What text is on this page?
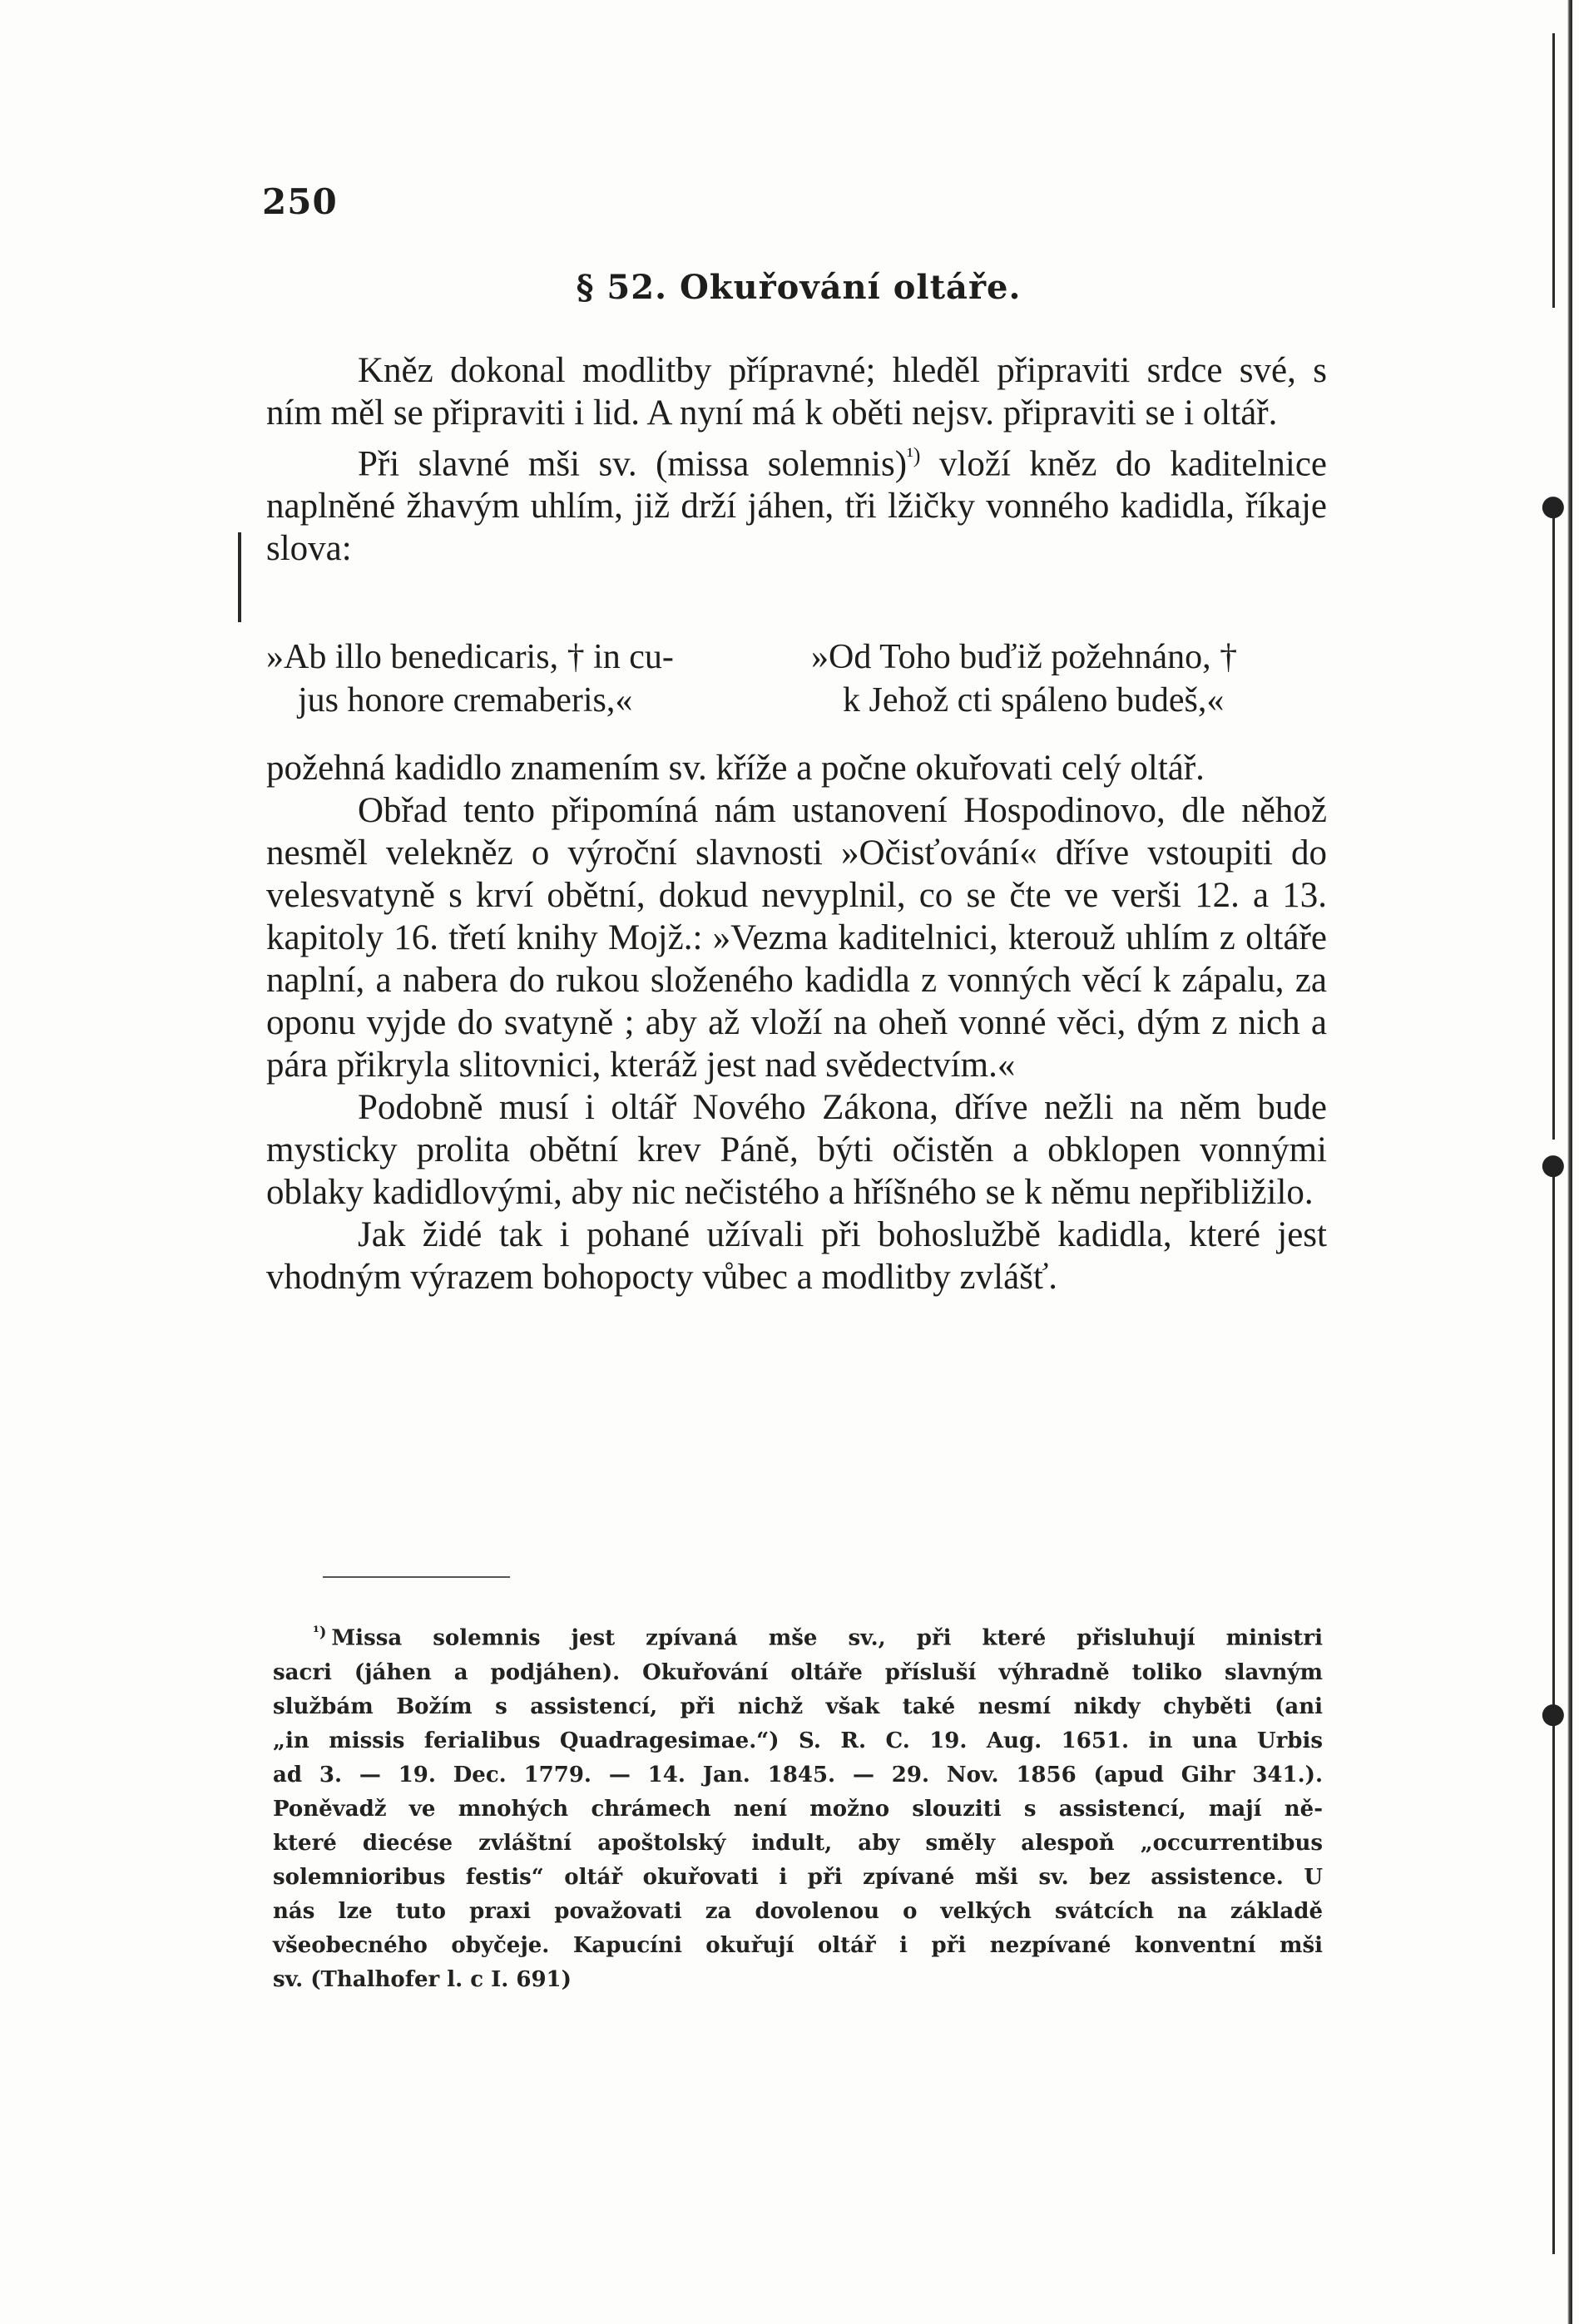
250
§ 52. Okuřování oltáře.

Kněz dokonal modlitby přípravné; hleděl připraviti srdce své, s ním měl se připraviti i lid. A nyní má k oběti nejsv. připraviti se i oltář.

Při slavné mši sv. (missa solemnis)$^{^1)}$ vloží kněz do kaditelnice naplněné žhavým uhlím, již drží jáhen, tři lžičky vonného kadidla, říkaje slova:

»Ab illo benedicaris, † in cu-
jus honore cremaberis,«
»Od Toho buďiž požehnáno, †
k Jehož cti spáleno budeš,«

požehná kadidlo znamením sv. kříže a počne okuřovati celý oltář.

Obřad tento připomíná nám ustanovení Hospodinovo, dle něhož nesměl velekněz o výroční slavnosti »Očisťování« dříve vstoupiti do velesvatyně s krví obětní, dokud nevyplnil, co se čte ve verši 12. a 13. kapitoly 16. třetí knihy Mojž.: »Vezma kaditelnici, kterouž uhlím z oltáře naplní, a nabera do rukou složeného kadidla z vonných věcí k zápalu, za oponu vyjde do svatyně ; aby až vloží na oheň vonné věci, dým z nich a pára přikryla slitovnici, kteráž jest nad svědectvím.«

Podobně musí i oltář Nového Zákona, dříve nežli na něm bude mysticky prolita obětní krev Páně, býti očistěn a obklopen vonnými oblaky kadidlovými, aby nic nečistého a hříšného se k němu nepřibližilo.

Jak židé tak i pohané užívali při bohoslužbě kadidla, které jest vhodným výrazem bohopocty vůbec a modlitby zvlášť.

$^{^1)}$ Missa solemnis jest zpívaná mše sv., při které přisluhují ministri
sacri (jáhen a podjáhen). Okuřování oltáře přísluší výhradně toliko slavným
službám Božím s assistencí, při nichž však také nesmí nikdy chyběti (ani
„in missis ferialibus Quadragesimae.“) S. R. C. 19. Aug. 1651. in una Urbis
ad 3. — 19. Dec. 1779. — 14. Jan. 1845. — 29. Nov. 1856 (apud Gihr 341.).
Poněvadž ve mnohých chrámech není možno slouziti s assistencí, mají ně-
které diecése zvláštní apoštolský indult, aby směly alespoň „occurrentibus
solemnioribus festis“ oltář okuřovati i při zpívané mši sv. bez assistence. U
nás lze tuto praxi považovati za dovolenou o velkých svátcích na základě
všeobecného obyčeje. Kapucíni okuřují oltář i při nezpívané konventní mši
sv. (Thalhofer l. c I. 691)
●
●
●
